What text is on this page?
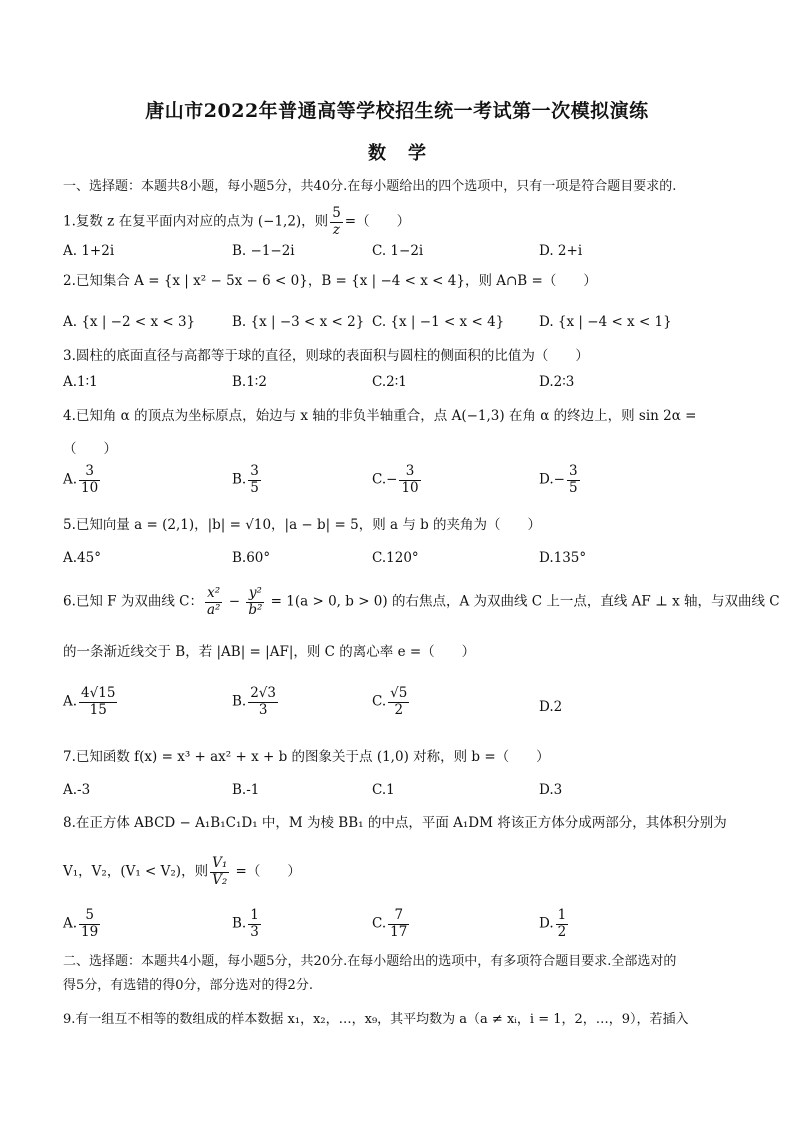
唐山市2022年普通高等学校招生统一考试第一次模拟演练
数学
一、选择题：本题共8小题，每小题5分，共40分.在每小题给出的四个选项中，只有一项是符合题目要求的.
1.复数 z 在复平面内对应的点为 (−1,2)，则 $\frac{5}{z}$ =（　　）
A. 1+2i	B. −1−2i	C. 1−2i	D. 2+i
2.已知集合 A = {x | x² − 5x − 6 < 0}，B = {x | −4 < x < 4}，则 A∩B =（　　）
A. {x | −2 < x < 3}	B. {x | −3 < x < 2} C. {x | −1 < x < 4}	D. {x | −4 < x < 1}
3.圆柱的底面直径与高都等于球的直径，则球的表面积与圆柱的侧面积的比值为（　　）
A.1∶1	B.1∶2	C.2∶1	D.2∶3
4.已知角 α 的顶点为坐标原点，始边与 x 轴的非负半轴重合，点 A(−1,3) 在角 α 的终边上，则 sin 2α =
（　　）
A. $\frac{3}{10}$	B. $\frac{3}{5}$	$C.- \frac{3}{10}$	$D.- \frac{3}{5}$
5.已知向量 a = (2,1)，|b| = √10，|a − b| = 5，则 a 与 b 的夹角为（　　）
A.45°	B.60°	C.120°	D.135°
6.已知 F 为双曲线 C： $\frac{\text{x²}}{\text{a²}} - \frac{\text{y²}}{\text{b²}} = 1(a > 0$, b > 0) 的右焦点，A 为双曲线 C 上一点，直线 AF ⊥ x 轴，与双曲线 C
的一条渐近线交于 B，若 |AB| = |AF|，则 C 的离心率 e =（　　）
A. $\frac{4√15}{15}$	B. $\frac{2√3}{3}$	C. $\frac{√5}{2}$	D.2
7.已知函数 f(x) = x³ + ax² + x + b 的图象关于点 (1,0) 对称，则 b =（　　）
A.-3	B.-1	C.1	D.3
8.在正方体 ABCD − A₁B₁C₁D₁ 中，M 为棱 BB₁ 的中点，平面 A₁DM 将该正方体分成两部分，其体积分别为
V₁，V₂，(V₁ < V₂)，则 $\frac{\text{V₁}}{\text{V₂}}$ =（　　）
A. $\frac{5}{19}$	B. $\frac{1}{3}$	C. $\frac{7}{17}$	D. $\frac{1}{2}$
二、选择题：本题共4小题，每小题5分，共20分.在每小题给出的选项中，有多项符合题目要求.全部选对的
得5分，有选错的得0分，部分选对的得2分.
9.有一组互不相等的数组成的样本数据 x₁，x₂，…，x₉，其平均数为 a（a ≠ xᵢ，i = 1，2，…，9），若插入
